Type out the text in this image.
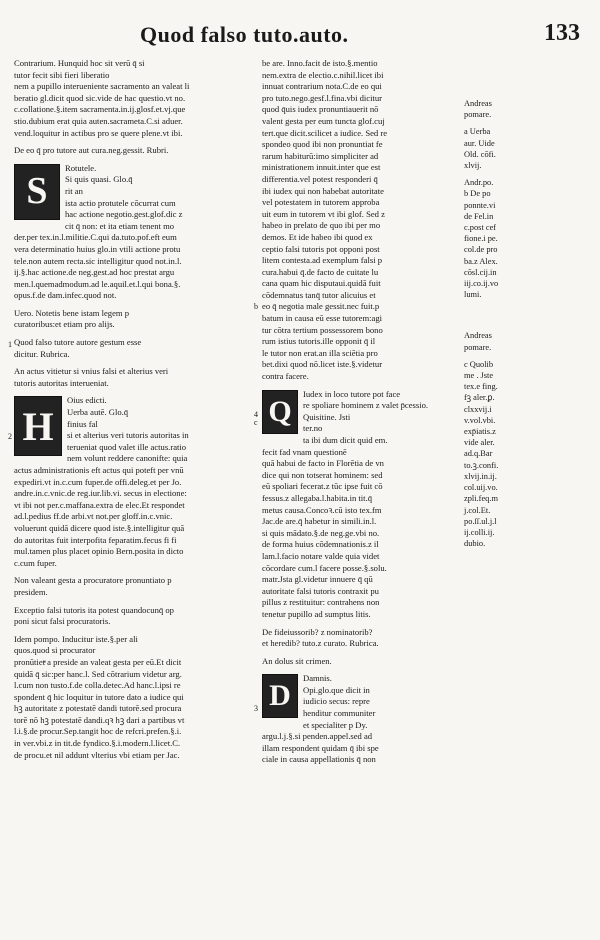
Quod falso tuto.auto.	133
Contrarium. Hunquid hoc sit verū q̄ si
tutor fecit sibi fieri liberatio
nem a pupillo interueniente sacramento an valeat li
beratio gl.dicit quod sic.vide de hac questio.vt no.
c.collatione.§.item sacramenta.in.ij.glosf.et.vj.que
stio.dubium erat quia auten.sacrameta.C.si aduer.
vend.loquitur in actibus pro se quere plene.vt ibi.
De eo q̄ pro tutore aut cura.neg.gessit. Rubri.
S
Rotutele.
Si quis quasi. Glo.q̄
rit an
ista actio protutele cōcurrat cum
hac actione negotio.gest.glof.dic z
cit q̄ non: et ita etiam tenent mo
der.per tex.in.l.militie.C.qui da.tuto.pof.eft eum
vera determinatio huius glo.in vtili actione protu
tele.non autem recta.sic intelligitur quod not.in.l.
ij.§.hac actione.de neg.gest.ad hoc prestat argu
men.l.quemadmodum.ad le.aquil.et.l.qui bona.§.
opus.f.de dam.infec.quod not.
Uero. Notetis bene istam legem p
curatoribus:et etiam pro alijs.
Quod falso tutore autore gestum esse
dicitur. Rubrica.
An actus vitietur si vnius falsi et alterius veri
tutoris autoritas interueniat.
H
Oius edicti.
Uerba autē. Glo.q̄
finius fal
si et alterius veri tutoris autoritas in
terueniat quod valet ille actus.ratio
nem volunt reddere canonifte: quia
actus administrationis eft actus qui poteft per vnū
expediri.vt in.c.cum fuper.de offi.deleg.et per Jo.
andre.in.c.vnic.de reg.iur.lib.vi. secus in electione:
vt ibi not per.c.maffana.extra de elec.Et respondet
ad.l.pedius ff.de arbi.vt not.per gloff.in.c.vnic.
voluerunt quidā dicere quod iste.§.intelligitur quā
do autoritas fuit interpofita feparatim.fecus fi fi
mul.tamen plus placet opinio Bern.posita in dicto
c.cum fuper.
Non valeant gesta a procuratore pronuntiato p
presidem.
Exceptio falsi tutoris ita potest quandocunq̄ op
poni sicut falsi procuratoris.
Idem pompo. Inducitur iste.§.per ali
quos.quod si procurator
pronūtietͤ a preside an valeat gesta per eū.Et dicit
quidā q̄ sic:per hanc.l. Sed cōtrarium videtur arg.
l.cum non tusto.f.de colla.detec.Ad hanc.l.ipsi re
spondent q̄ hic loquitur in tutore dato a iudice qui
hꝫ autoritate z potestatē dandi tutorē.sed procura
torē nō hꝫ potestatē dandi.qꝛ hꝫ dari a partibus vt
l.i.§.de procur.Sep.tangit hoc de refcri.prefen.§.i.
in ver.vbi.z in tit.de fyndico.§.i.modern.l.licet.C.
de procu.et nil addunt vlterius vbi etiam per Jac.
be are. Inno.facit de isto.§.mentio
nem.extra de electio.c.nihil.licet ibi
innuat contrarium nota.C.de eo qui
pro tuto.nego.gesf.l.fina.vbi dicitur
quod q̄uis iudex pronuntiauerit nō
valent gesta per eum tuncta glof.cuj
tert.que dicit.scilicet a iudice. Sed re
spondeo quod ibi non pronuntiat fe
rarum habiturū:imo simpliciter ad
ministrationem innuit.inter que est
differentia.vel potest responderi q̄
ibi iudex qui non habebat autoritate
vel potestatem in tutorem approba
uit eum in tutorem vt ibi glof. Sed z
habeo in prelato de quo ibi per mo
demos. Et ide habeo ibi quod ex
ceptio falsi tutoris pot opponi post
litem contesta.ad exemplum falsi p
cura.habui q̄.de facto de cuitate lu
cana quam hic disputaui.quidā fuit
cōdemnatus tanq̄ tutor alicuius et
eo q̄ negotia male gessit.nec fuit.p
batum in causa eū esse tutorem:agi
tur cōtra tertium possessorem bono
rum istius tutoris.ille opponit q̄ il
le tutor non erat.an illa sciētia pro
bet.dixi quod nō.licet iste.§.videtur
contra facere.
Q
Iudex in loco tutore pot face
re spoliare hominem z valet p̄cessio.
Quisitine. Jsti
ter.no
ta ibi dum dicit quid em.
fecit fad vnam questionē
quā habui de facto in Florētia de vn
dice qui non totserat hominem: sed
eū spoliari fecerat.z tūc ipse fuit cō
fessus.z allegaba.l.habita.in tit.q̄
metus causa.Concoꝛ.cū isto tex.fm
Jac.de are.q̄ habetur in simili.in.l.
si quis mādato.§.de neg.ge.vbi no.
de forma huius cōdemnationis.z il
lam.l.facio notare valde quia videt
cōcordare cum.l facere posse.§.solu.
matr.Jsta gl.videtur innuere q̄ qū
autoritate falsi tutoris contraxit pu
pillus z restituitur: contrahens non
tenetur pupillo ad sumptus litis.
De fideiussorib? z nominatorib?
et heredib? tuto.z curato. Rubrica.
An dolus sit crimen.
D
Damnis.
Opi.glo.que dicit in
iudicio secus: repre
henditur communiter
et specialiter p Dy.
argu.l.j.§.si penden.appel.sed ad
illam respondent quidam q̄ ibi spe
ciale in causa appellationis q̄ non
Andreas
pomare.
a Uerba
aur. Uide
Old. cōfi.
xlvij.
Andr.po.
b De po
ponnte.vi
de Fel.in
c.post cef
fione.i pe.
col.de pro
ba.z Alex.
cōsl.cij.in
iij.co.ij.vo
lumi.
Andreas
pomare.
c Quolib
me . Jste
tex.e fing.
fꝫ aler.ꝑ.
clxxvij.i
v.vol.vbi.
exp̄iatis.z
vide aler.
ad.q.Bar
to.ꝫ.confi.
xlvij.in.ij.
col.uij.vo.
zpli.feq.m
j.col.Et.
po.ſſ.ul.j.l
ij.colli.ij.
dubio.
1
2
b
4
c
3
